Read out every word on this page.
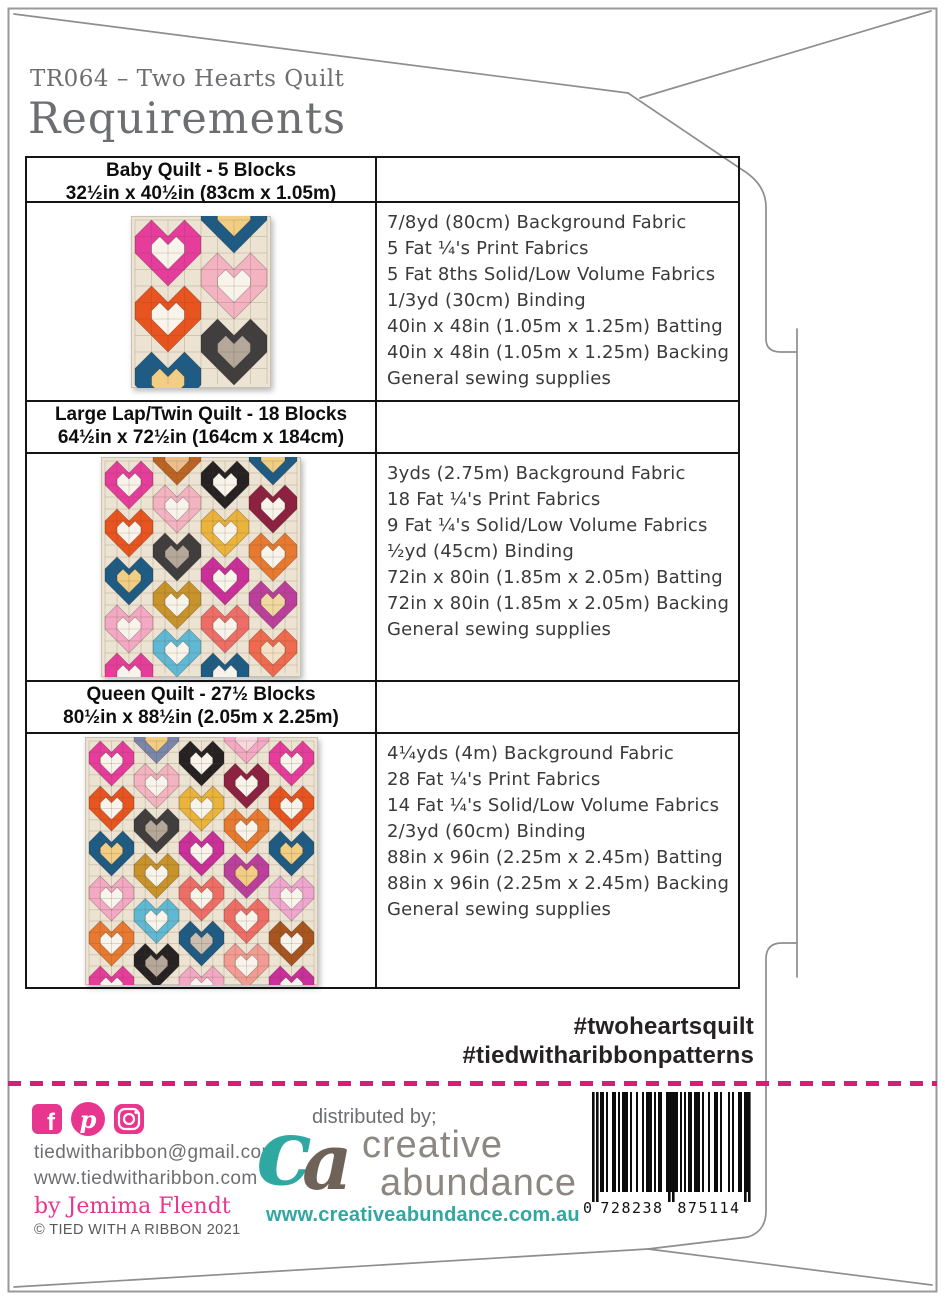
TR064 – Two Hearts Quilt
Requirements
Baby Quilt - 5 Blocks
32½in x 40½in (83cm x 1.05m)
7/8yd (80cm) Background Fabric
5 Fat ¼'s Print Fabrics
5 Fat 8ths Solid/Low Volume Fabrics
1/3yd (30cm) Binding
40in x 48in (1.05m x 1.25m) Batting
40in x 48in (1.05m x 1.25m) Backing
General sewing supplies
Large Lap/Twin Quilt - 18 Blocks
64½in x 72½in (164cm x 184cm)
3yds (2.75m) Background Fabric
18 Fat ¼'s Print Fabrics
9 Fat ¼'s Solid/Low Volume Fabrics
½yd (45cm) Binding
72in x 80in (1.85m x 2.05m) Batting
72in x 80in (1.85m x 2.05m) Backing
General sewing supplies
Queen Quilt - 27½ Blocks
80½in x 88½in (2.05m x 2.25m)
4¼yds (4m) Background Fabric
28 Fat ¼'s Print Fabrics
14 Fat ¼'s Solid/Low Volume Fabrics
2/3yd (60cm) Binding
88in x 96in (2.25m x 2.45m) Batting
88in x 96in (2.25m x 2.45m) Backing
General sewing supplies
#twoheartsquilt
#tiedwitharibbonpatterns
f p
tiedwitharibbon@gmail.com
www.tiedwitharibbon.com
by Jemima Flendt
© TIED WITH A RIBBON 2021
distributed by;
c
a creative
abundance
www.creativeabundance.com.au 0 728238 875114
